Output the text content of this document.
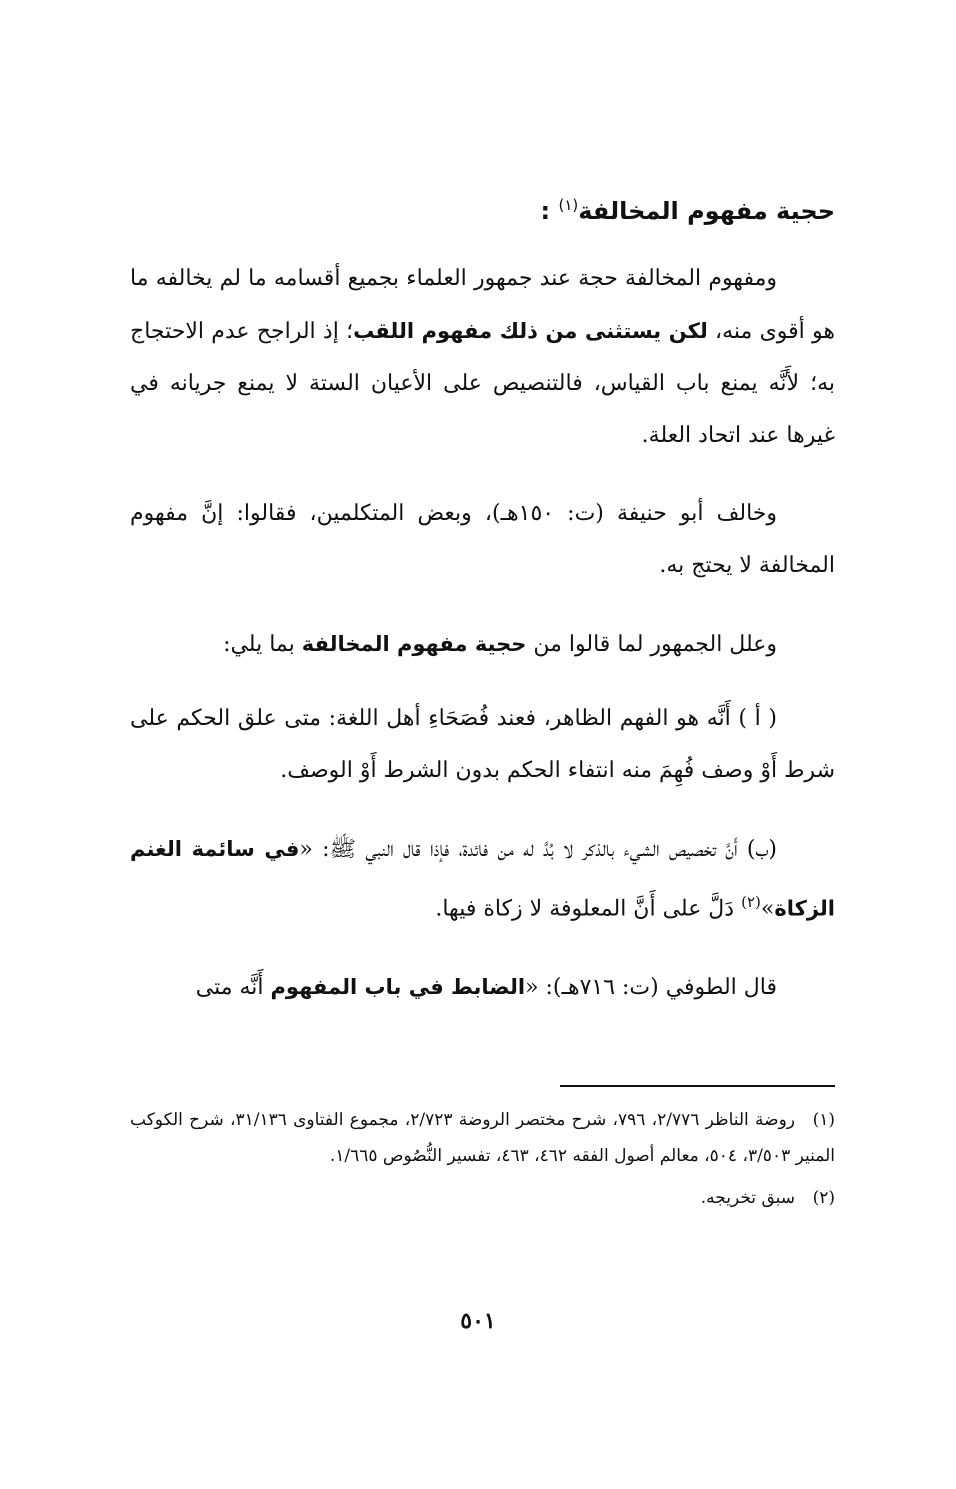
حجية مفهوم المخالفة$^{(١)}$ :

ومفهوم المخالفة حجة عند جمهور العلماء بجميع أقسامه ما لم يخالفه ما هو أقوى منه، لكن يستثنى من ذلك مفهوم اللقب؛ إذ الراجح عدم الاحتجاج به؛ لأَنَّه يمنع باب القياس، فالتنصيص على الأعيان الستة لا يمنع جريانه في غيرها عند اتحاد العلة.

وخالف أبو حنيفة (ت: ١٥٠هـ)، وبعض المتكلمين، فقالوا: إنَّ مفهوم المخالفة لا يحتج به.

وعلل الجمهور لما قالوا من حجية مفهوم المخالفة بما يلي:

( أ ) أَنَّه هو الفهم الظاهر، فعند فُصَحَاءِ أهل اللغة: متى علق الحكم على شرط أَوْ وصف فُهِمَ منه انتفاء الحكم بدون الشرط أَوْ الوصف.

(ب) أَنَّ تخصيص الشيء بالذكر لا بُدَّ له من فائدة، فإذا قال النبي ﷺ: «في سائمة الغنم الزكاة»$^{(٢)}$ دَلَّ على أَنَّ المعلوفة لا زكاة فيها.

قال الطوفي (ت: ٧١٦هـ): «الضابط في باب المفهوم أَنَّه متى

(١)روضة الناظر ٢/٧٧٦، ٧٩٦، شرح مختصر الروضة ٢/٧٢٣، مجموع الفتاوى ٣١/١٣٦، شرح الكوكب المنير ٣/٥٠٣، ٥٠٤، معالم أصول الفقه ٤٦٢، ٤٦٣، تفسير النُّصُوص ١/٦٦٥.

(٢)سبق تخريجه.

٥٠١
